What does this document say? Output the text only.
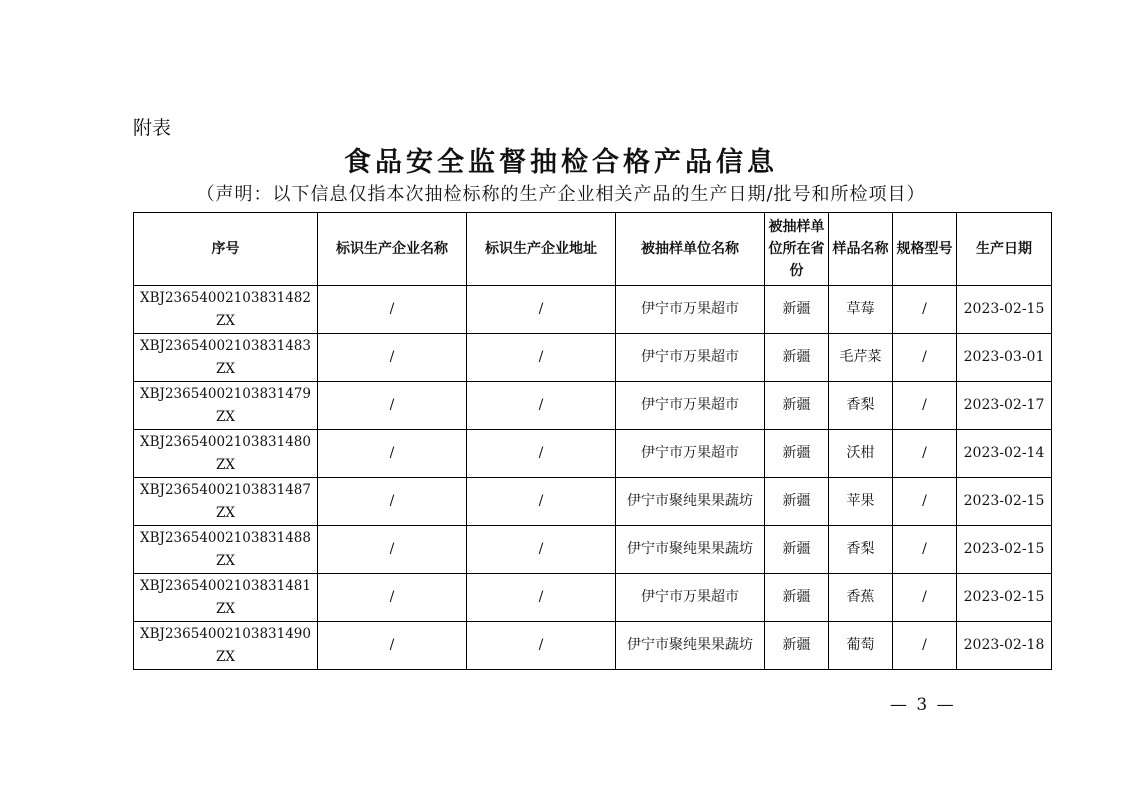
附表
食品安全监督抽检合格产品信息
（声明：以下信息仅指本次抽检标称的生产企业相关产品的生产日期/批号和所检项目）
序号	标识生产企业名称	标识生产企业地址	被抽样单位名称	被抽样单位所在省份	样品名称	规格型号	生产日期
XBJ23654002103831482ZX	/	/	伊宁市万果超市	新疆	草莓	/	2023-02-15
XBJ23654002103831483ZX	/	/	伊宁市万果超市	新疆	毛芹菜	/	2023-03-01
XBJ23654002103831479ZX	/	/	伊宁市万果超市	新疆	香梨	/	2023-02-17
XBJ23654002103831480ZX	/	/	伊宁市万果超市	新疆	沃柑	/	2023-02-14
XBJ23654002103831487ZX	/	/	伊宁市聚纯果果蔬坊	新疆	苹果	/	2023-02-15
XBJ23654002103831488ZX	/	/	伊宁市聚纯果果蔬坊	新疆	香梨	/	2023-02-15
XBJ23654002103831481ZX	/	/	伊宁市万果超市	新疆	香蕉	/	2023-02-15
XBJ23654002103831490ZX	/	/	伊宁市聚纯果果蔬坊	新疆	葡萄	/	2023-02-18
— 3 —
